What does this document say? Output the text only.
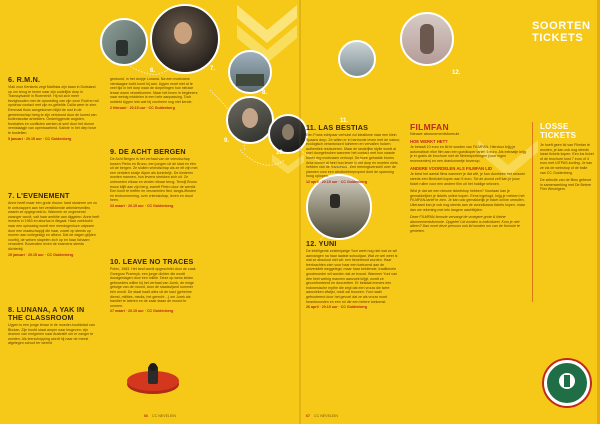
6.	7.
8.
9.
10.
11.
12.
6. R.M.N.

Vlak voor Kerstmis zegt Matthias zijn baan in Duitsland op om terug te keren naar zijn oudelijke dorp in Transsylvanië in Roemenië. Hij wil zich meer bezighouden met de opvoeding van zijn zoon Rudi en wil opnieuw contact met zijn ex-geliefde Csilla weer te zien. Eenmaal thuis aangekomen blijkt de rust in de gemeenschap heeg te zijn verstoord door de komst van buitenlandse arbeiders. Onderliggende angsten, frustraties en conflicten werken al snel door het dunne vernislaagje van openbaarheid. Kalinte in het diep bove te bostellen.

5 januari · 20.15 uur · CC Guldenberg

7. L'EVENEMENT

Anne heeft maar één grote droom: hard studeren om zo te ontsnappen aan het verstikkende arbeidersmilieu waarin ze opgegroeid is. Wanneer ze ongewenst zwanger wordt, valt haar ambitie aan diggelen. Anne leeft immers in 1963 en abortus is illegaal. Haar zoektocht naar een oplossing wordt een meedogenloze odyssee door een maatschappij die haar, zowel op steeds op murren aan collegeslijp en afkeur. Dat de dagen glijden voorbij, de weken stapelen zich op en haar lichaam verandert. Bovendien leven de examens steeds dichterbij.

19 januari · 20.15 uur · CC Guldenberg

8. LUNANA, A YAK IN THE CLASSROOM

Ugyen is een jonge leraar in de moeder-hoofdstad van Bhutan. Zijn hoofd staat amper naar lesgeven: zijn dromen van emigreren naar Australië om er zanger te worden. Als leerschopping wordt hij naar de meest afgelegen school ter wereld

gestuurd, in het dorpje Lunana. Na een moeizame vierdaagse tocht komt hij aan. Ugyen moet niet al te veel tijd in het dorp waar de dorpelingen hun nieuwe leraar warm verwelkomen. Maar het leven in beginners naar weinig middelen is een hele aanpassing. Toch ontdekt Ugyen iets wat hij voorheen nog niet kende.

2 februari · 20.15 uur · CC Guldenberg

9. DE ACHT BERGEN

De Acht Bergen is het verhaal van de vriendschap tussen Pietro en Bruno, een jongen uit de stad en één uit de bergen. Ze sluiten vriendschap als ze elf zijn met een verlaten stukje Alpen als koninkrijk. De kinderen worden mannen, hun levens strekken zich uit. Ze ontmoeten elkaar en vinden elkaar terug. Terwijl Bruno trouw blijft aan zijn berg, zweeft Pietro door de wereld. Een tocht te treffen en verzamelen fied, tangis-iffusten en tentoonneming, over vriendschap, leven en dood heen.

23 maart · 20.15 uur · CC Guldenberg

10. LEAVE NO TRACES

Polen, 1983. Het land wordt opgeschrikt door de zaak Grzegorz Przemyk, een jonge dichter die wordt doodgeslagen door een militie. Deze op wens leiden gebroeders willen hij het verhaal van Jurek, de enige getuige van de moord, door de staatsvijand nummer één wordt. De staat haalt alles uit de kast (geheime dienst, milities, media, het gerecht…) om Jurek als bandiet te lateren en de zaak staan de moord te ommen.

27 maart · 20.15 uur · CC Guldenberg

11. LAS BESTIAS

Een Frans echtpaar verhuist vol idealisme naar een klein Spaans dorp. Ze willen er in harmonie leven met de natuur, ecologisch verantwoord tuinieren en vervallen huizen authentiek restaureren. Maar de landelijke idylle wordt al snel doorgebroken wanneer het contact met hun naaste buren erg moeizaam verloopt. De twee gehadde broers Anta wonen al heel hun leven in het dorp en moeten niets hebben van de 'francesos'. Een meningsverschil over de plannen voor een windturbinepropect doet de spanning hoog oplopen.

12 april · 20.15 uur · CC Guldenberg

12. YUNI

De intelligente zestienjarige Yuni weet nog niet wat ze wil aanvangen na haar laatste schooljaar. Wat ze wel weet is wat ze absoluut niet wil: een tienerbruid worden. Haar leerkrachten zien voor haar een toekomst aan de universiteit weggelegd, maar haar beklemde, traditionele grootmoeder wil worden dat ze trouwt. Wanneer Yuni van drie heel weinig mannen aanzoek krijgt, wordt ze geconfronteerd en doorzetten. Er bestaat immers een Indonesische mythe die zegt dat een vrouw die twee aanzoeken afwijst, nooit zal trouwen. Yuni raakt gefrustreerd door het gevoel dat ze als vrouw moet beantwoorden en een rol die een betere toekomst.

26 april · 20.15 uur · CC Guldenberg

SOORTEN TICKETS
FILMFAN
Nieuwe abonnementsformule
HOE WERKT HET?

Je betaalt 10 euro en lid te worden van FILMFAN. Hierdoor krijg je automatisch elke film aan een goedkoper tarief: 5 euro. Als extraatje krijg je er gratis de brochure met de filmbesprekingen (voor eigen recensenten) en een drankonnetje bovenop.

ANDERE VOORDELEN ALS FILMFAN LID

Je kiest het aantal films wanneer je dat wilt, je kan doorheen het seizoen steeds een filmticket kopen aan 5 euro. Tot de avond zelf kan je jouw ticket ruilen voor een andere film uit het huidige seizoen.

Wist je dat we een nieuwe ticketshop hebben? Voortaan kan je gemakkelijker je tickets online kopen. Eens ingelogd, krijg je meteen het FILMFAN-tarief te zien. Je kan ook gemakkelijk je ticket online omruilen. Uiteraard kan je ook nog steeds aan de avondkassa tickets kopen, maar dan we rekening met iets langere wachttijden.

Deze FILMFAN-formule vervangt de vroegere grote & kleine abonnementsformule. Opgelet! Lid worden is individueel. Kom je niet alleen? Dan moet deze persoon ook lid worden om van de formule te genieten.

LOSSE TICKETS

Je hoeft geen lid van Filmfan te worden, je kan ook nog steeds losse tickets kopen. Een los ticket of de brochure kost 7 euro of 4 euro met UiTPAS-korting. Je kan ze via de webshop of de balie van CC Guldenberg.

De selectie van de films gebeurt in samenwerking met De Betere Film Wevelgem.

66 CC NEVELEIN	67 CC NEVELEIN
